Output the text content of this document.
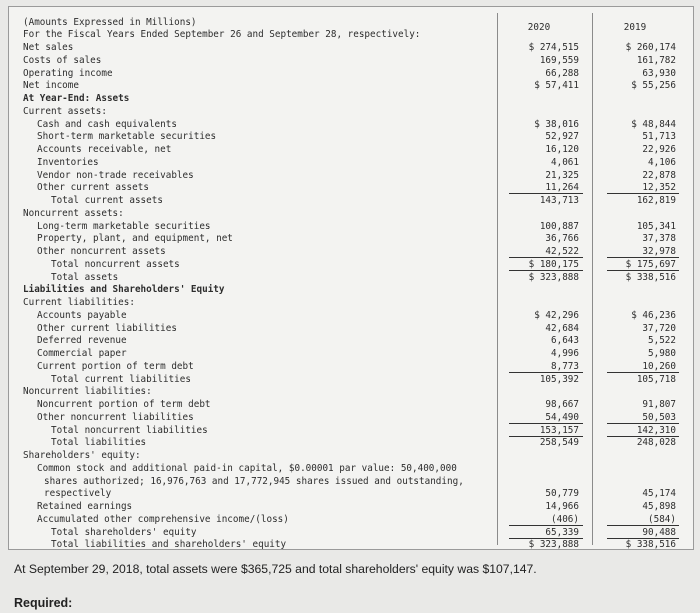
(Amounts Expressed in Millions)
For the Fiscal Years Ended September 26 and September 28, respectively:
2020	2019
Net sales	$ 274,515	$ 260,174
Costs of sales	169,559	161,782
Operating income	66,288	63,930
Net income	$ 57,411	$ 55,256
At Year-End: Assets
Current assets:
Cash and cash equivalents	$ 38,016	$ 48,844
Short-term marketable securities	52,927	51,713
Accounts receivable, net	16,120	22,926
Inventories	4,061	4,106
Vendor non-trade receivables	21,325	22,878
Other current assets	11,264	12,352
Total current assets	143,713	162,819
Noncurrent assets:
Long-term marketable securities	100,887	105,341
Property, plant, and equipment, net	36,766	37,378
Other noncurrent assets	42,522	32,978
Total noncurrent assets	$ 180,175	$ 175,697
Total assets	$ 323,888	$ 338,516
Liabilities and Shareholders' Equity
Current liabilities:
Accounts payable	$ 42,296	$ 46,236
Other current liabilities	42,684	37,720
Deferred revenue	6,643	5,522
Commercial paper	4,996	5,980
Current portion of term debt	8,773	10,260
Total current liabilities	105,392	105,718
Noncurrent liabilities:
Noncurrent portion of term debt	98,667	91,807
Other noncurrent liabilities	54,490	50,503
Total noncurrent liabilities	153,157	142,310
Total liabilities	258,549	248,028
Shareholders' equity:
Common stock and additional paid-in capital, $0.00001 par value: 50,400,000
shares authorized; 16,976,763 and 17,772,945 shares issued and outstanding,
respectively	50,779	45,174
Retained earnings	14,966	45,898
Accumulated other comprehensive income/(loss)	(406)	(584)
Total shareholders' equity	65,339	90,488
Total liabilities and shareholders' equity	$ 323,888	$ 338,516
At September 29, 2018, total assets were $365,725 and total shareholders' equity was $107,147.
Required:
